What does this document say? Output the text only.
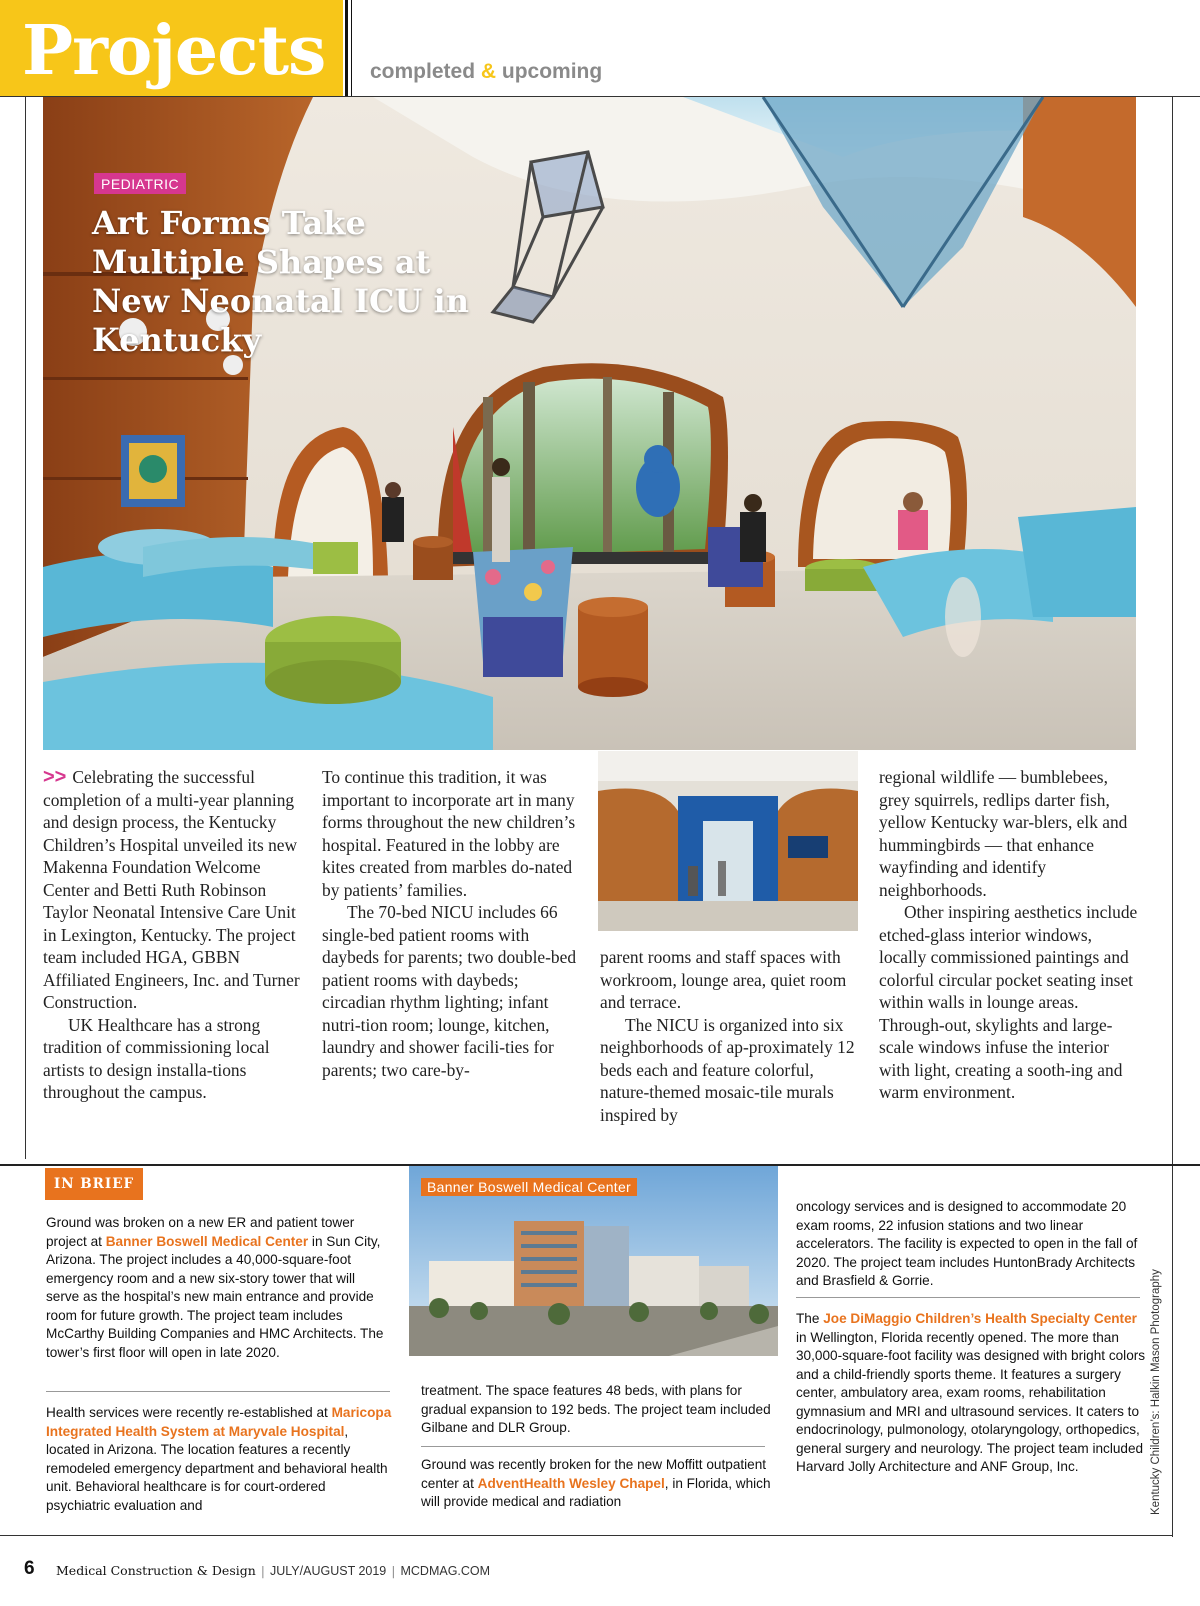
Projects completed & upcoming
PEDIATRIC
Art Forms Take Multiple Shapes at New Neonatal ICU in Kentucky

>> Celebrating the successful completion of a multi-year planning and design process, the Kentucky Children’s Hospital unveiled its new Makenna Foundation Welcome Center and Betti Ruth Robinson Taylor Neonatal Intensive Care Unit in Lexington, Kentucky. The project team included HGA, GBBN Affiliated Engineers, Inc. and Turner Construction.

UK Healthcare has a strong tradition of commissioning local artists to design installa-tions throughout the campus.

To continue this tradition, it was important to incorporate art in many forms throughout the new children’s hospital. Featured in the lobby are kites created from marbles do-nated by patients’ families.

The 70-bed NICU includes 66 single-bed patient rooms with daybeds for parents; two double-bed patient rooms with daybeds; circadian rhythm lighting; infant nutri-tion room; lounge, kitchen, laundry and shower facili-ties for parents; two care-by-

parent rooms and staff spaces with workroom, lounge area, quiet room and terrace.

The NICU is organized into six neighborhoods of ap-proximately 12 beds each and feature colorful, nature-themed mosaic-tile murals inspired by

regional wildlife — bumblebees, grey squirrels, redlips darter fish, yellow Kentucky war-blers, elk and hummingbirds — that enhance wayfinding and identify neighborhoods.

Other inspiring aesthetics include etched-glass interior windows, locally commissioned paintings and colorful circular pocket seating inset within walls in lounge areas. Through-out, skylights and large-scale windows infuse the interior with light, creating a sooth-ing and warm environment.

IN BRIEF

Ground was broken on a new ER and patient tower project at Banner Boswell Medical Center in Sun City, Arizona. The project includes a 40,000-square-foot emergency room and a new six-story tower that will serve as the hospital’s new main entrance and provide room for future growth. The project team includes McCarthy Building Companies and HMC Architects. The tower’s first floor will open in late 2020.

Health services were recently re-established at Maricopa Integrated Health System at Maryvale Hospital, located in Arizona. The location features a recently remodeled emergency department and behavioral health unit. Behavioral healthcare is for court-ordered psychiatric evaluation and

Banner Boswell Medical Center

treatment. The space features 48 beds, with plans for gradual expansion to 192 beds. The project team included Gilbane and DLR Group.

Ground was recently broken for the new Moffitt outpatient center at AdventHealth Wesley Chapel, in Florida, which will provide medical and radiation

oncology services and is designed to accommodate 20 exam rooms, 22 infusion stations and two linear accelerators. The facility is expected to open in the fall of 2020. The project team includes HuntonBrady Architects and Brasfield & Gorrie.

The Joe DiMaggio Children’s Health Specialty Center in Wellington, Florida recently opened. The more than 30,000-square-foot facility was designed with bright colors and a child-friendly sports theme. It features a surgery center, ambulatory area, exam rooms, rehabilitation gymnasium and MRI and ultrasound services. It caters to endocrinology, pulmonology, otolaryngology, orthopedics, general surgery and neurology. The project team included Harvard Jolly Architecture and ANF Group, Inc.	Kentucky Children’s: Halkin Mason Photography
6 Medical Construction & Design | JULY/AUGUST 2019 | MCDMAG.COM
